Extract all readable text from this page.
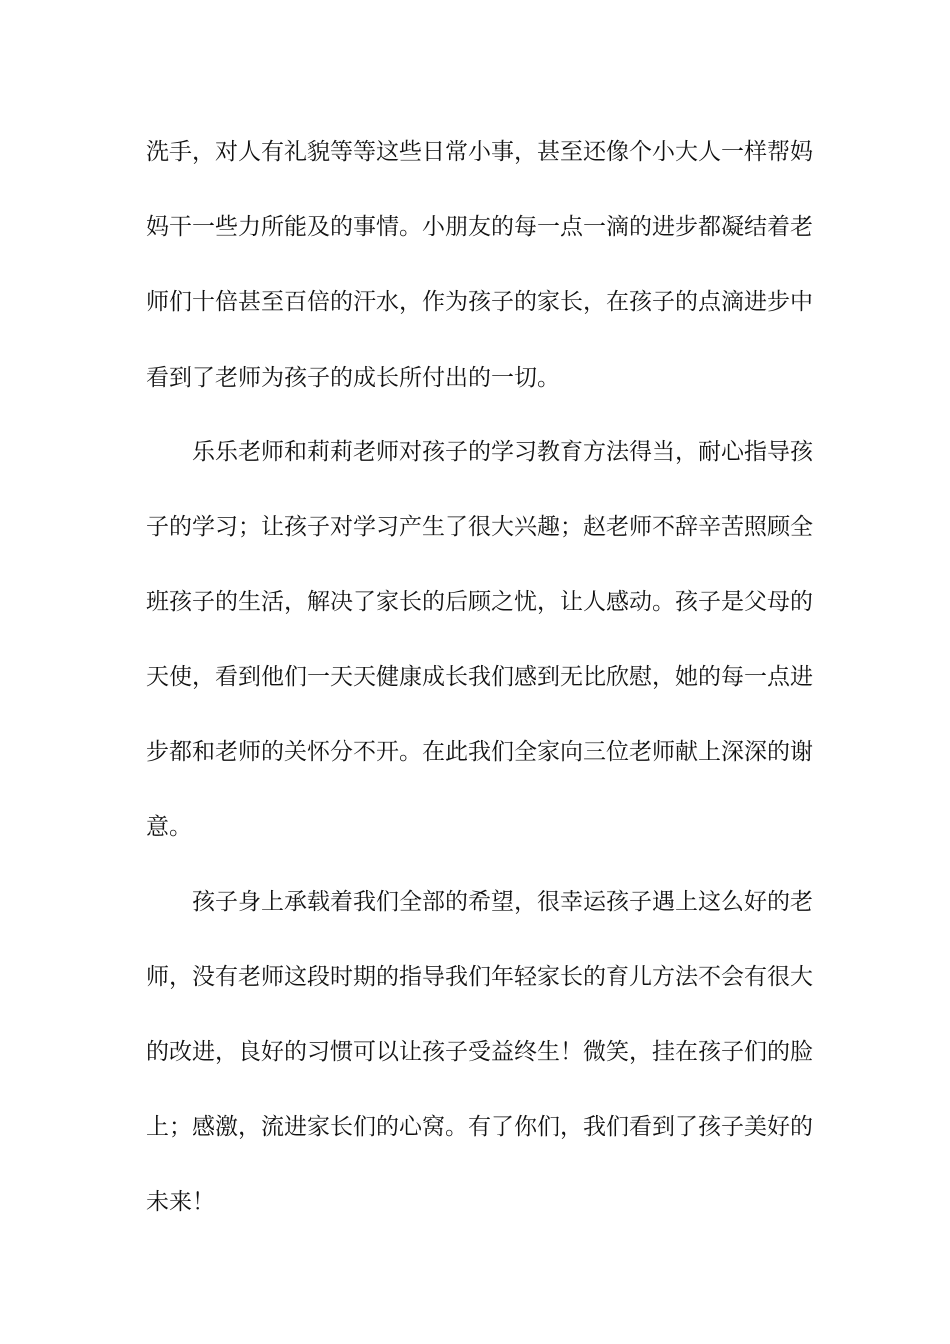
洗手，对人有礼貌等等这些日常小事，甚至还像个小大人一样帮妈
妈干一些力所能及的事情。小朋友的每一点一滴的进步都凝结着老
师们十倍甚至百倍的汗水，作为孩子的家长，在孩子的点滴进步中
看到了老师为孩子的成长所付出的一切。
乐乐老师和莉莉老师对孩子的学习教育方法得当，耐心指导孩
子的学习；让孩子对学习产生了很大兴趣；赵老师不辞辛苦照顾全
班孩子的生活，解决了家长的后顾之忧，让人感动。孩子是父母的
天使，看到他们一天天健康成长我们感到无比欣慰，她的每一点进
步都和老师的关怀分不开。在此我们全家向三位老师献上深深的谢
意。
孩子身上承载着我们全部的希望，很幸运孩子遇上这么好的老
师，没有老师这段时期的指导我们年轻家长的育儿方法不会有很大
的改进，良好的习惯可以让孩子受益终生！微笑，挂在孩子们的脸
上；感激，流进家长们的心窝。有了你们，我们看到了孩子美好的
未来！
